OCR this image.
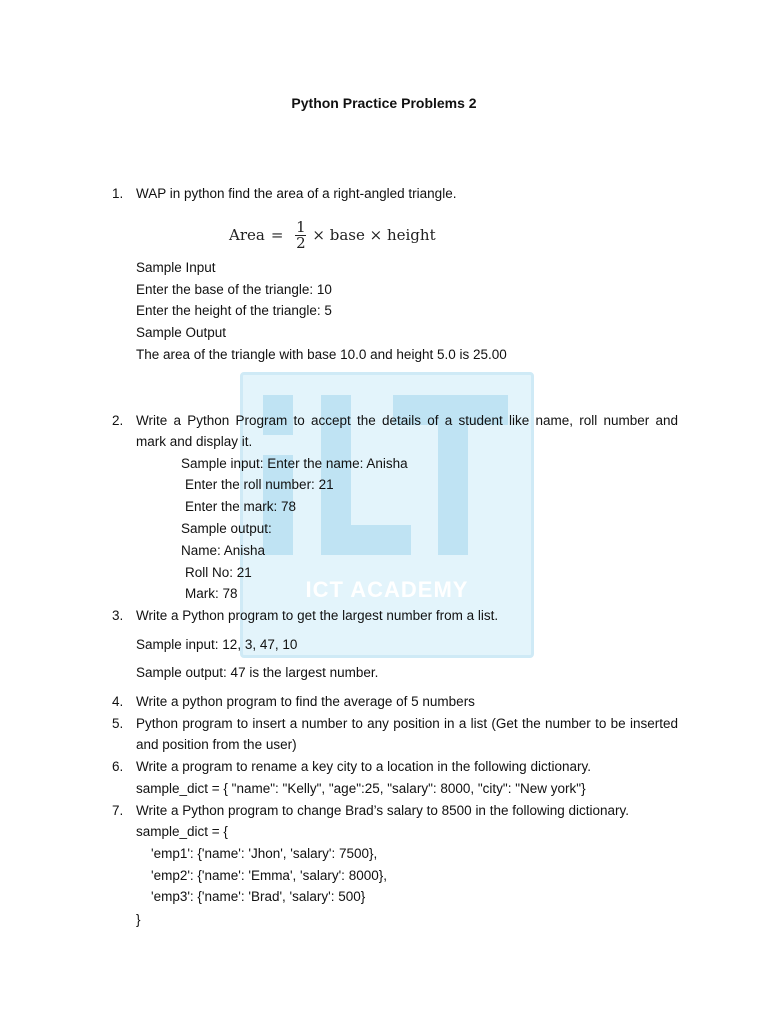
ICT ACADEMY
Python Practice Problems 2
1. WAP in python find the area of a right-angled triangle.
Area = $\frac{1}{2}$ × base × height
Sample Input
Enter the base of the triangle: 10
Enter the height of the triangle: 5
Sample Output
The area of the triangle with base 10.0 and height 5.0 is 25.00
2. Write a Python Program to accept the details of a student like name, roll number and
mark and display it.
Sample input: Enter the name: Anisha
Enter the roll number: 21
Enter the mark: 78
Sample output:
Name: Anisha
Roll No: 21
Mark: 78
3. Write a Python program to get the largest number from a list.
Sample input: 12, 3, 47, 10
Sample output: 47 is the largest number.
4. Write a python program to find the average of 5 numbers
5. Python program to insert a number to any position in a list (Get the number to be inserted
and position from the user)
6. Write a program to rename a key city to a location in the following dictionary.
sample_dict = { "name": "Kelly", "age":25, "salary": 8000, "city": "New york"}
7. Write a Python program to change Brad’s salary to 8500 in the following dictionary.
sample_dict = {
'emp1': {'name': 'Jhon', 'salary': 7500},
'emp2': {'name': 'Emma', 'salary': 8000},
'emp3': {'name': 'Brad', 'salary': 500}
}
